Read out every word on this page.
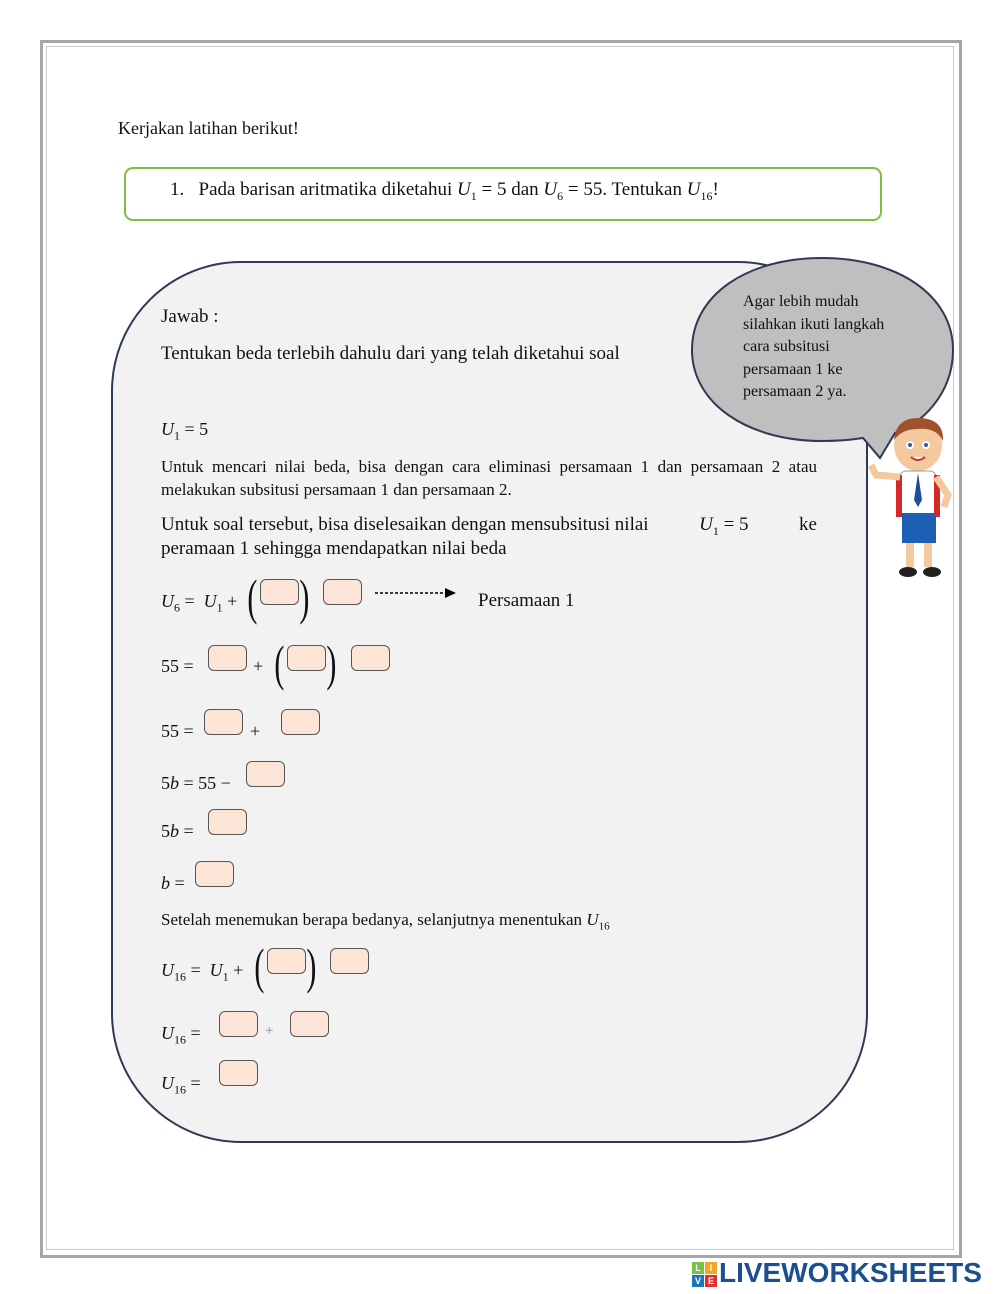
Kerjakan latihan berikut!
1. Pada barisan aritmatika diketahui $U_1 = 5$ dan $U_6 = 55$. Tentukan $U_{16}$!
Agar lebih mudah
silahkan ikuti langkah
cara subsitusi
persamaan 1 ke
persamaan 2 ya.
Jawab :
Tentukan beda terlebih dahulu dari yang telah diketahui soal
$U_1 = 5$
Untuk mencari nilai beda, bisa dengan cara eliminasi persamaan 1 dan persamaan 2 atau melakukan subsitusi persamaan 1 dan persamaan 2.
Untuk soal tersebut, bisa diselesaikan dengan mensubsitusi nilai	$U_1 = 5$	ke
peramaan 1 sehingga mendapatkan nilai beda
$U_6 = U_1$ + ( )	Persamaan 1
55 =	+ ( )
55 =	+
5b = 55 −
5b =
b =
Setelah menemukan berapa bedanya, selanjutnya menentukan $U_{16}$
$U_{16} = U_1$ + ( )
$U_{16}$ =	+
$U_{16}$ =
L I
V E LIVEWORKSHEETS
